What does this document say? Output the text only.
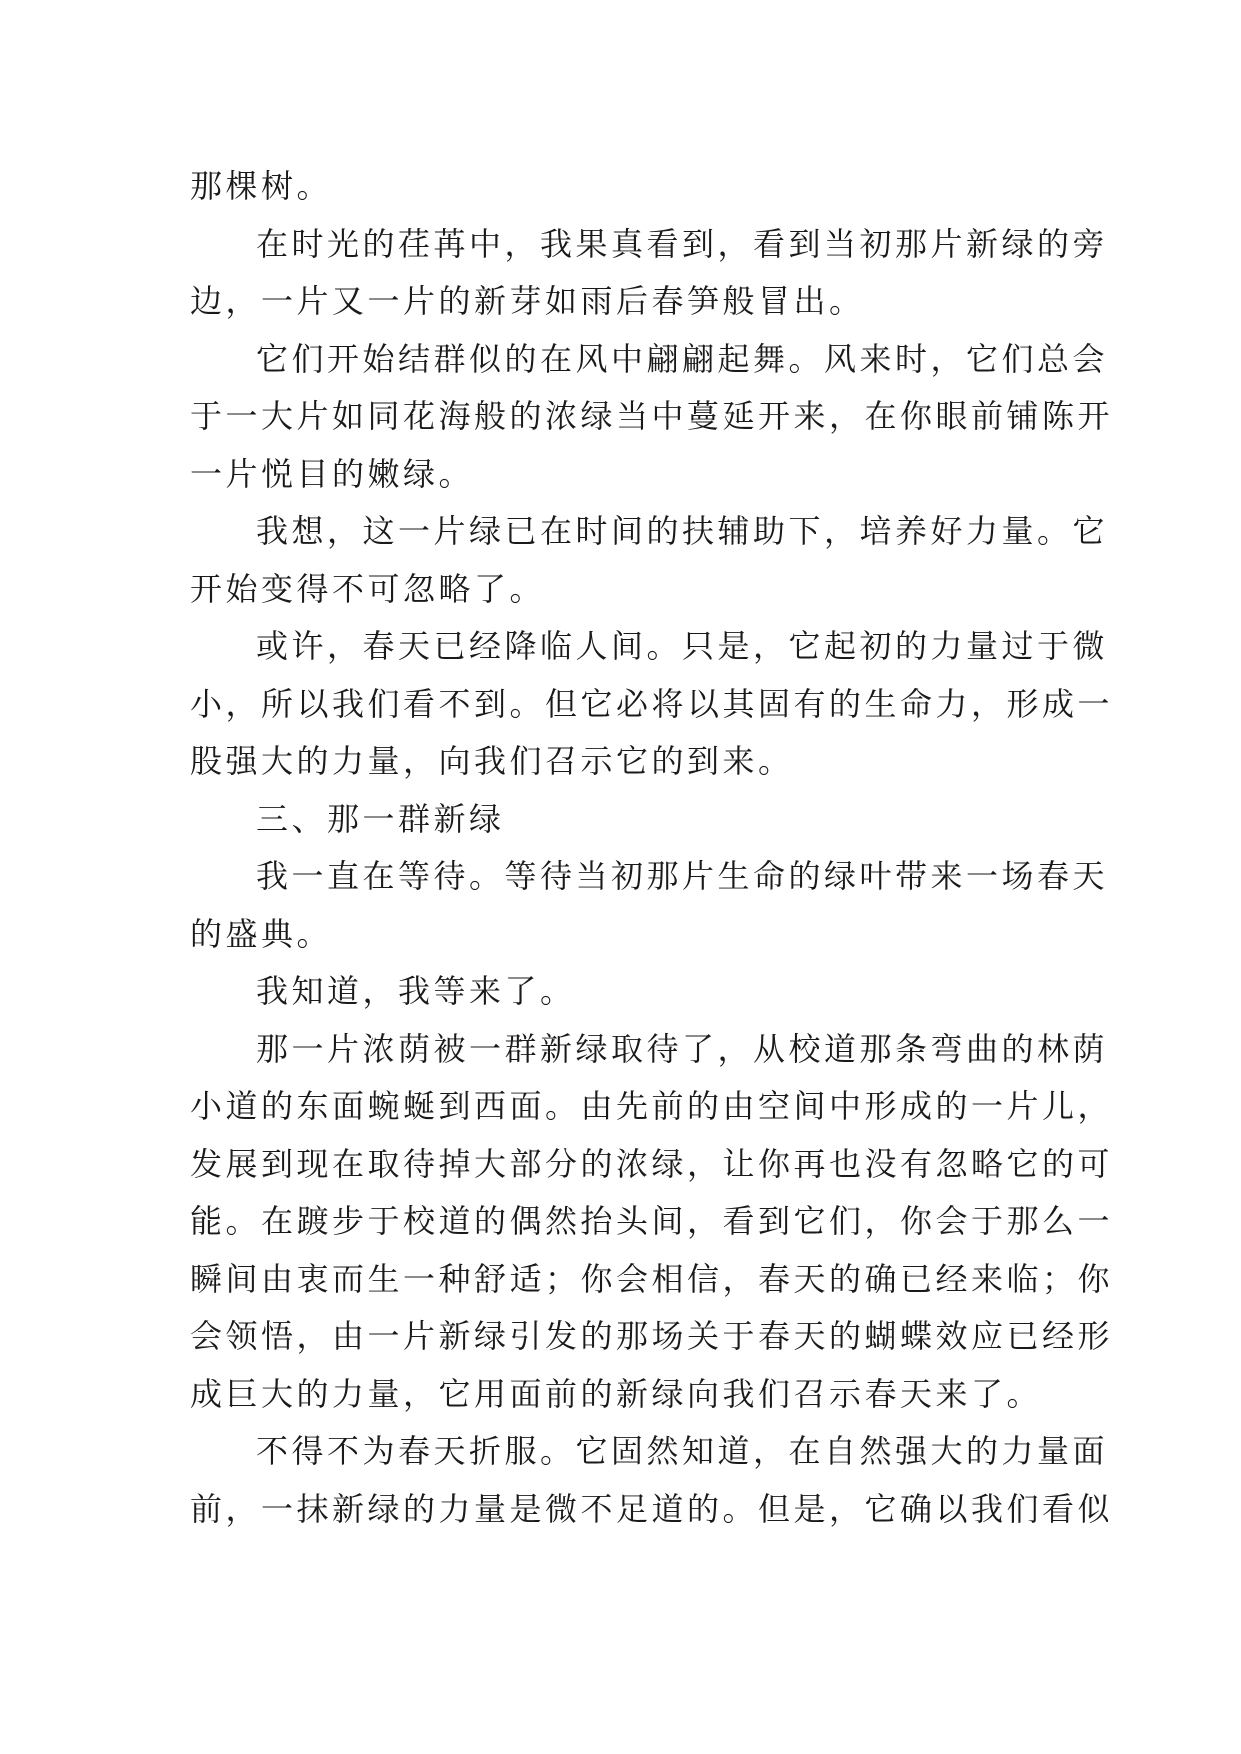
那棵树。
在时光的荏苒中，我果真看到，看到当初那片新绿的旁
边，一片又一片的新芽如雨后春笋般冒出。
它们开始结群似的在风中翩翩起舞。风来时，它们总会
于一大片如同花海般的浓绿当中蔓延开来，在你眼前铺陈开
一片悦目的嫩绿。
我想，这一片绿已在时间的扶辅助下，培养好力量。它
开始变得不可忽略了。
或许，春天已经降临人间。只是，它起初的力量过于微
小，所以我们看不到。但它必将以其固有的生命力，形成一
股强大的力量，向我们召示它的到来。
三、那一群新绿
我一直在等待。等待当初那片生命的绿叶带来一场春天
的盛典。
我知道，我等来了。
那一片浓荫被一群新绿取待了，从校道那条弯曲的林荫
小道的东面蜿蜒到西面。由先前的由空间中形成的一片儿，
发展到现在取待掉大部分的浓绿，让你再也没有忽略它的可
能。在踱步于校道的偶然抬头间，看到它们，你会于那么一
瞬间由衷而生一种舒适；你会相信，春天的确已经来临；你
会领悟，由一片新绿引发的那场关于春天的蝴蝶效应已经形
成巨大的力量，它用面前的新绿向我们召示春天来了。
不得不为春天折服。它固然知道，在自然强大的力量面
前，一抹新绿的力量是微不足道的。但是，它确以我们看似
